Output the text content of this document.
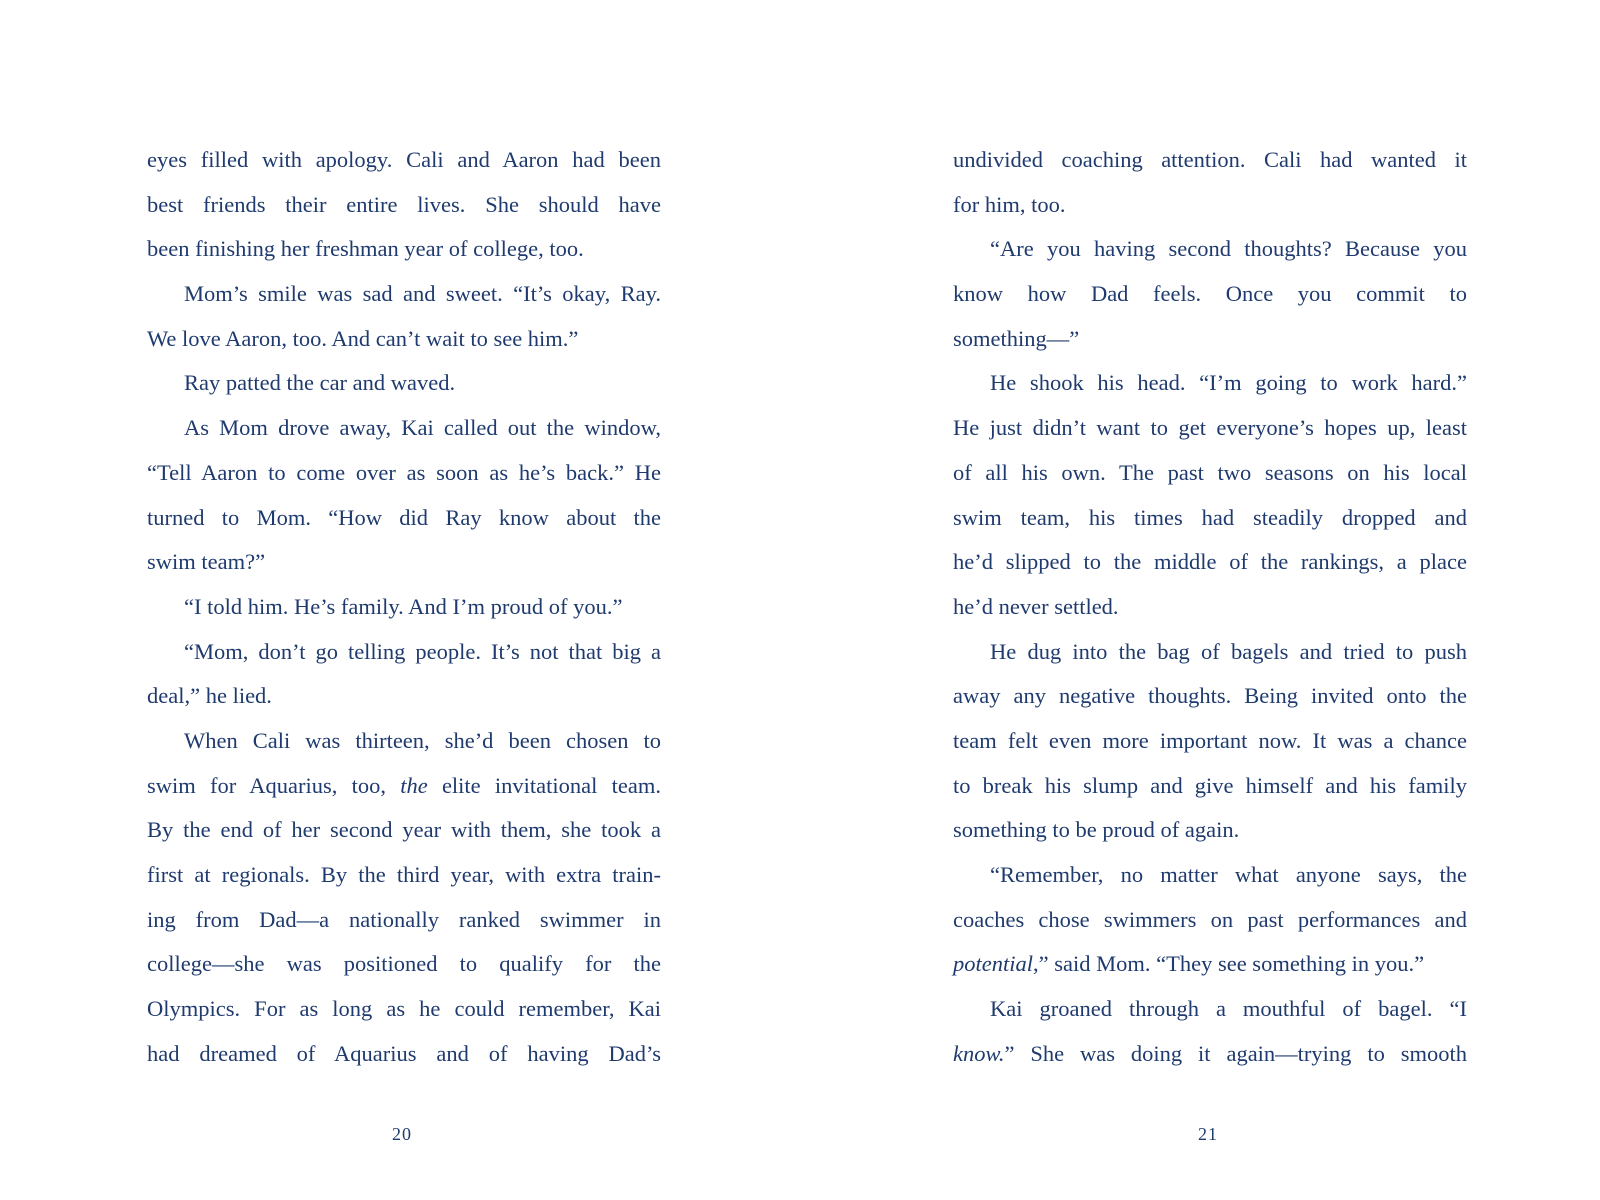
eyes filled with apology. Cali and Aaron had been
best friends their entire lives. She should have
been finishing her freshman year of college, too.
Mom’s smile was sad and sweet. “It’s okay, Ray.
We love Aaron, too. And can’t wait to see him.”
Ray patted the car and waved.
As Mom drove away, Kai called out the window,
“Tell Aaron to come over as soon as he’s back.” He
turned to Mom. “How did Ray know about the
swim team?”
“I told him. He’s family. And I’m proud of you.”
“Mom, don’t go telling people. It’s not that big a
deal,” he lied.
When Cali was thirteen, she’d been chosen to
swim for Aquarius, too, the elite invitational team.
By the end of her second year with them, she took a
first at regionals. By the third year, with extra train-
ing from Dad—a nationally ranked swimmer in
college—she was positioned to qualify for the
Olympics. For as long as he could remember, Kai
had dreamed of Aquarius and of having Dad’s
undivided coaching attention. Cali had wanted it
for him, too.
“Are you having second thoughts? Because you
know how Dad feels. Once you commit to
something—”
He shook his head. “I’m going to work hard.”
He just didn’t want to get everyone’s hopes up, least
of all his own. The past two seasons on his local
swim team, his times had steadily dropped and
he’d slipped to the middle of the rankings, a place
he’d never settled.
He dug into the bag of bagels and tried to push
away any negative thoughts. Being invited onto the
team felt even more important now. It was a chance
to break his slump and give himself and his family
something to be proud of again.
“Remember, no matter what anyone says, the
coaches chose swimmers on past performances and
potential,” said Mom. “They see something in you.”
Kai groaned through a mouthful of bagel. “I
know.” She was doing it again—trying to smooth
20	21
